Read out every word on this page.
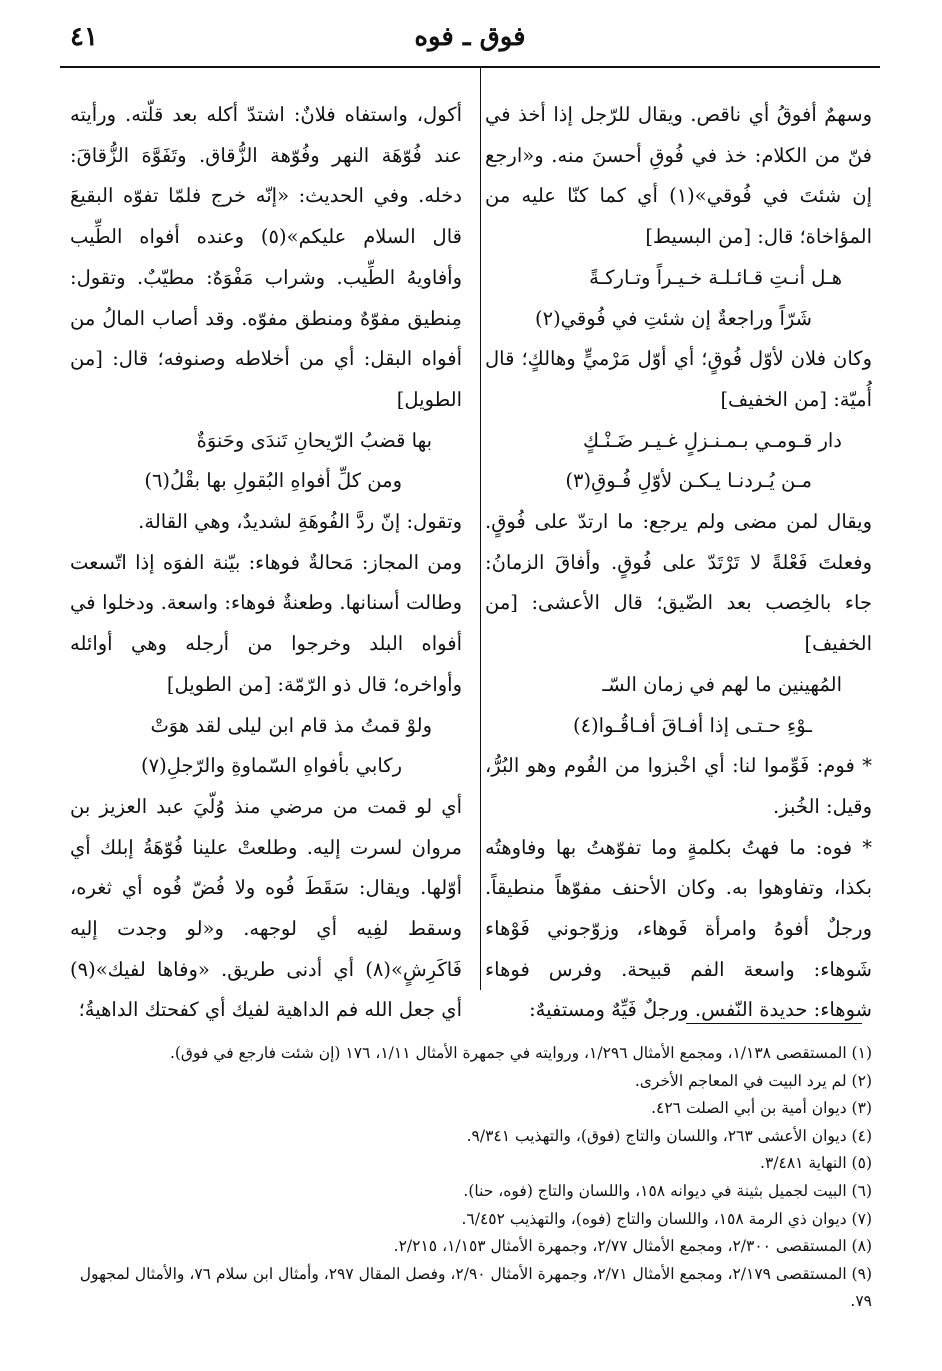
فوق ـ فوه
٤١

وسهمٌ أفوقُ أي ناقص. ويقال للرّجل إذا أخذ في فنّ من الكلام: خذ في فُوقِ أحسنَ منه. و«ارجع إن شئتَ في فُوقي»(١) أي كما كنّا عليه من المؤاخاة؛ قال: [من البسيط]

هـل أنـتِ قـائـلـة خـيـراً وتـاركـةً

شَرّاً وراجعةٌ إن شئتِ في فُوقي(٢)

وكان فلان لأوّل فُوقٍ؛ أي أوّل مَرْميٍّ وهالكٍ؛ قال أُميّة: [من الخفيف]

دار قـومـي بـمـنـزلٍ غـيـر ضَـنْـكٍ

مـن يُـردنـا يـكـن لأوّلِ فُـوقِ(٣)

ويقال لمن مضى ولم يرجع: ما ارتدّ على فُوقٍ. وفعلتَ فَعْلةً لا تَرْتَدّ على فُوقٍ. وأفاقَ الزمانُ: جاء بالخِصب بعد الضّيق؛ قال الأعشى: [من الخفيف]

المُهينين ما لهم في زمان السّـ

ـوْءِ حـتـى إذا أفـاقَ أفـاقُـوا(٤)

* فوم: فَوِّموا لنا: أي اخْبزوا من الفُوم وهو البُرُّ، وقيل: الخُبز.

* فوه: ما فهتُ بكلمةٍ وما تفوّهتُ بها وفاوهتُه بكذا، وتفاوهوا به. وكان الأحنف مفوّهاً منطيقاً. ورجلٌ أفوهُ وامرأة فَوهاء، وزوّجوني فَوْهاء شَوهاء: واسعة الفم قبيحة. وفرس فوهاء شوهاء: حديدة النّفس. ورجلٌ فَيِّهٌ ومستفيهٌ:

أكول، واستفاه فلانٌ: اشتدّ أكله بعد قلّته. ورأيته عند فُوّهَة النهر وفُوّهة الزُّقاق. وتَفَوَّهَ الزُّقاقَ: دخله. وفي الحديث: «إنّه خرج فلمّا تفوّه البقيعَ قال السلام عليكم»(٥) وعنده أفواه الطِّيب وأفاويهُ الطِّيب. وشراب مَفْوَهٌ: مطيّبٌ. وتقول: مِنطيق مفوّهٌ ومنطق مفوّه. وقد أصاب المالُ من أفواه البقل: أي من أخلاطه وصنوفه؛ قال: [من الطويل]

بها قضبُ الرّيحانِ تَندَى وحَنوَةٌ

ومن كلِّ أفواهِ البُقولِ بها بقْلُ(٦)

وتقول: إنّ ردَّ الفُوهَةِ لشديدٌ، وهي القالة.

ومن المجاز: مَحالةٌ فوهاء: بيّنة الفوَه إذا اتّسعت وطالت أسنانها. وطعنةٌ فوهاء: واسعة. ودخلوا في أفواه البلد وخرجوا من أرجله وهي أوائله وأواخره؛ قال ذو الرّمّة: [من الطويل]

ولوْ قمتُ مذ قام ابن ليلى لقد هوَتْ

ركابي بأفواهِ السّماوةِ والرّجلِ(٧)

أي لو قمت من مرضي منذ وُلّيَ عبد العزيز بن مروان لسرت إليه. وطلعتْ علينا فُوّهَةُ إبلك أي أوّلها. ويقال: سَقَطَ فُوه ولا فُضّ فُوه أي ثغره، وسقط لفِيه أي لوجهه. و«لو وجدت إليه فَاكَرِشٍ»(٨) أي أدنى طريق. «وفاها لفيك»(٩) أي جعل الله فم الداهية لفيك أي كفحتك الداهيةُ؛

(١) المستقصى ١/١٣٨، ومجمع الأمثال ١/٢٩٦، وروايته في جمهرة الأمثال ١/١١، ١٧٦ (إن شئت فارجع في فوق).
(٢) لم يرد البيت في المعاجم الأخرى.
(٣) ديوان أمية بن أبي الصلت ٤٢٦.
(٤) ديوان الأعشى ٢٦٣، واللسان والتاج (فوق)، والتهذيب ٩/٣٤١.
(٥) النهاية ٣/٤٨١.
(٦) البيت لجميل بثينة في ديوانه ١٥٨، واللسان والتاج (فوه، حنا).
(٧) ديوان ذي الرمة ١٥٨، واللسان والتاج (فوه)، والتهذيب ٦/٤٥٢.
(٨) المستقصى ٢/٣٠٠، ومجمع الأمثال ٢/٧٧، وجمهرة الأمثال ١/١٥٣، ٢/٢١٥.
(٩) المستقصى ٢/١٧٩، ومجمع الأمثال ٢/٧١، وجمهرة الأمثال ٢/٩٠، وفصل المقال ٢٩٧، وأمثال ابن سلام ٧٦، والأمثال لمجهول ٧٩.
